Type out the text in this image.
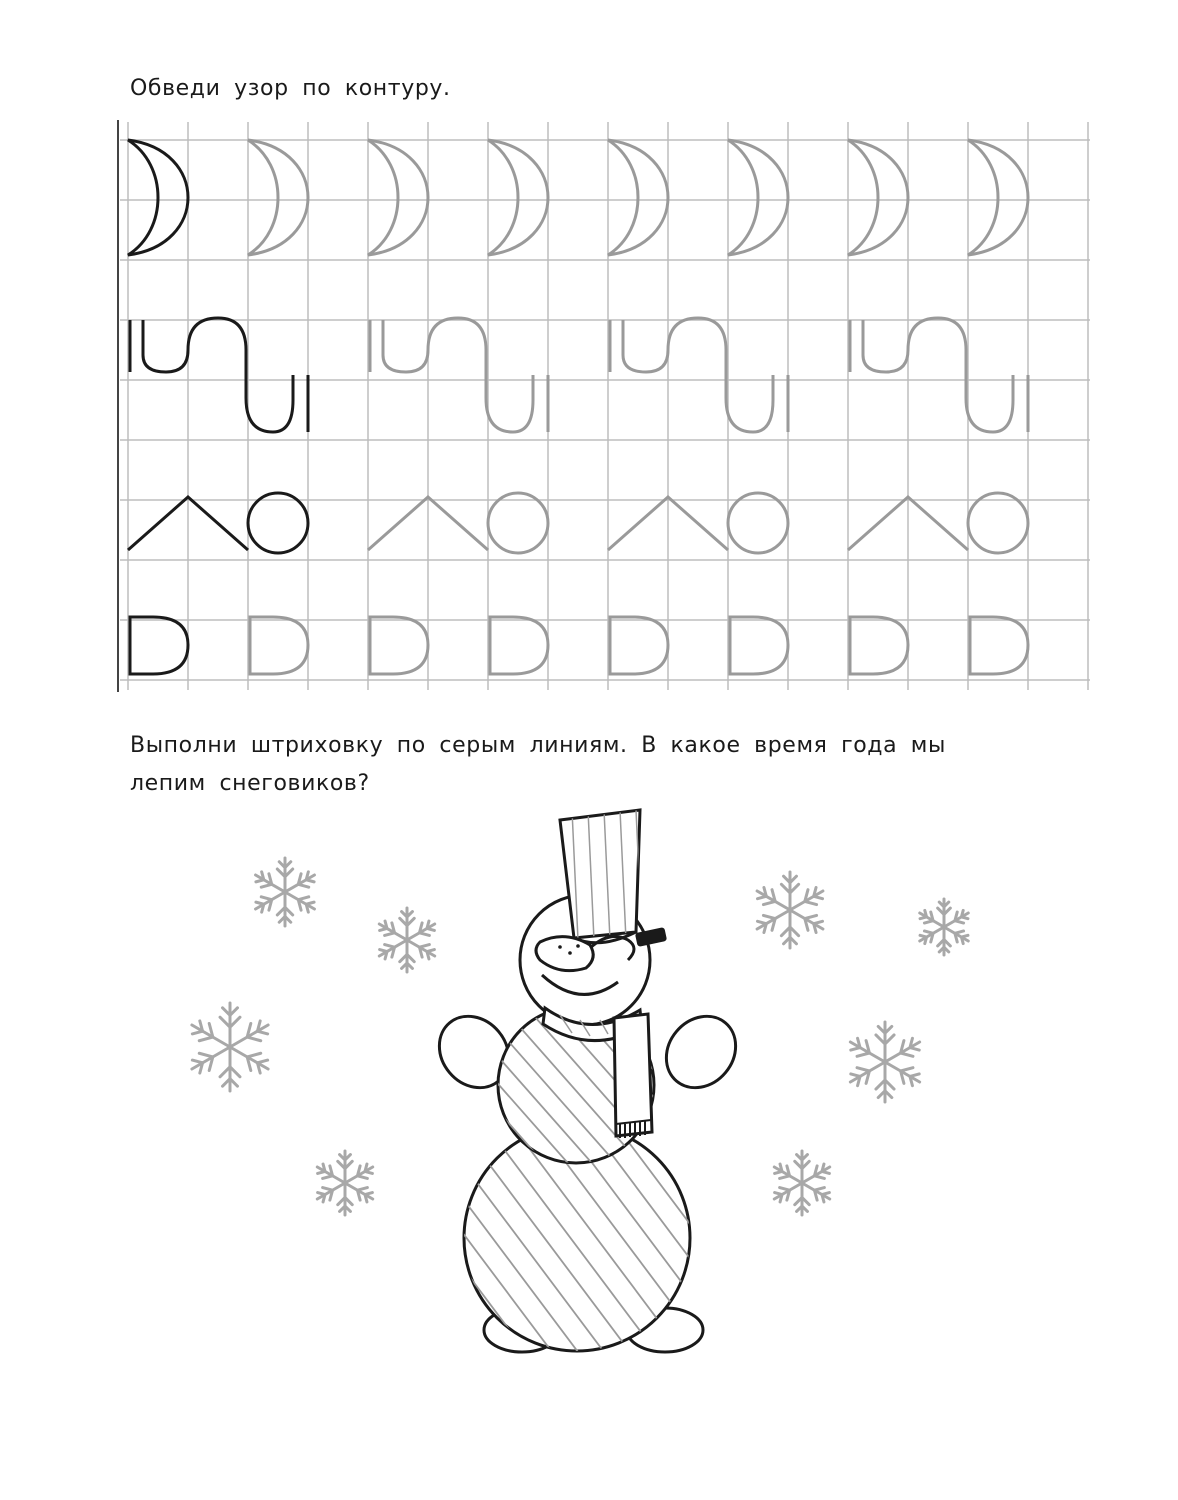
Обведи узор по контуру.

Выполни штриховку по серым линиям. В какое время года мы
лепим снеговиков?
